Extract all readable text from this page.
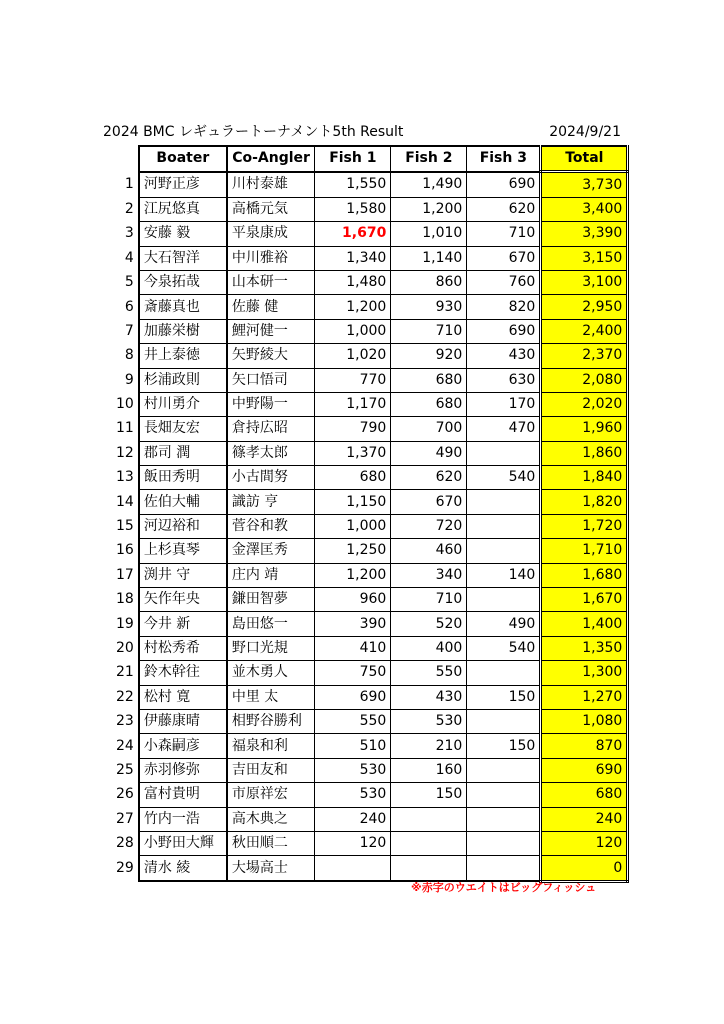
2024 BMC レギュラートーナメント5th Result	2024/9/21
	Boater	Co-Angler	Fish 1	Fish 2	Fish 3	Total
1	河野正彦	川村泰雄	1,550	1,490	690	3,730
2	江尻悠真	高橋元気	1,580	1,200	620	3,400
3	安藤 毅	平泉康成	1,670	1,010	710	3,390
4	大石智洋	中川雅裕	1,340	1,140	670	3,150
5	今泉拓哉	山本研一	1,480	860	760	3,100
6	斎藤真也	佐藤 健	1,200	930	820	2,950
7	加藤栄樹	鯉河健一	1,000	710	690	2,400
8	井上泰徳	矢野綾大	1,020	920	430	2,370
9	杉浦政則	矢口悟司	770	680	630	2,080
10	村川勇介	中野陽一	1,170	680	170	2,020
11	長畑友宏	倉持広昭	790	700	470	1,960
12	郡司 潤	篠孝太郎	1,370	490		1,860
13	飯田秀明	小古間努	680	620	540	1,840
14	佐伯大輔	識訪 亨	1,150	670		1,820
15	河辺裕和	菅谷和教	1,000	720		1,720
16	上杉真琴	金澤匡秀	1,250	460		1,710
17	渕井 守	庄内 靖	1,200	340	140	1,680
18	矢作年央	鎌田智夢	960	710		1,670
19	今井 新	島田悠一	390	520	490	1,400
20	村松秀希	野口光規	410	400	540	1,350
21	鈴木幹往	並木勇人	750	550		1,300
22	松村 寛	中里 太	690	430	150	1,270
23	伊藤康晴	相野谷勝利	550	530		1,080
24	小森嗣彦	福泉和利	510	210	150	870
25	赤羽修弥	吉田友和	530	160		690
26	富村貴明	市原祥宏	530	150		680
27	竹内一浩	高木典之	240			240
28	小野田大輝	秋田順二	120			120
29	清水 綾	大場高士				0
※赤字のウエイトはビッグフィッシュ
